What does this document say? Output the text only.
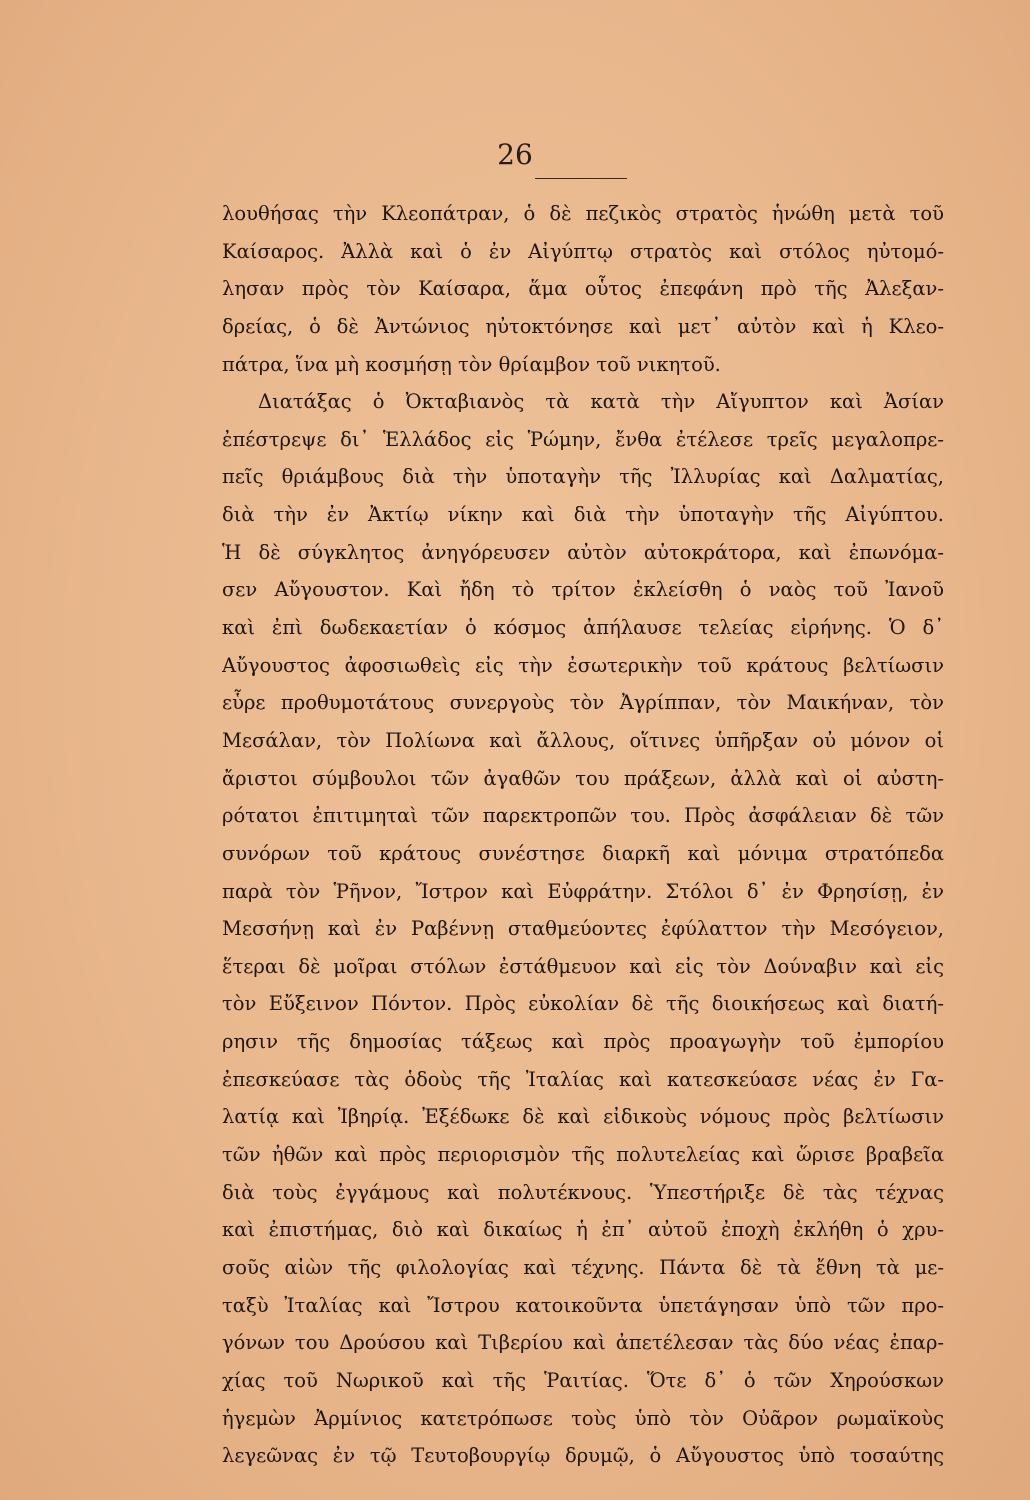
26
λουθήσας τὴν Κλεοπάτραν, ὁ δὲ πεζικὸς στρατὸς ἡνώθη μετὰ τοῦ
Καίσαρος. Ἀλλὰ καὶ ὁ ἐν Αἰγύπτῳ στρατὸς καὶ στόλος ηὐτομό-
λησαν πρὸς τὸν Καίσαρα, ἅμα οὗτος ἐπεφάνη πρὸ τῆς Ἀλεξαν-
δρείας, ὁ δὲ Ἀντώνιος ηὐτοκτόνησε καὶ μετ᾽ αὐτὸν καὶ ἡ Κλεο-
πάτρα, ἵνα μὴ κοσμήσῃ τὸν θρίαμβον τοῦ νικητοῦ.
Διατάξας ὁ Ὀκταβιανὸς τὰ κατὰ τὴν Αἴγυπτον καὶ Ἀσίαν
ἐπέστρεψε δι᾽ Ἑλλάδος εἰς Ῥώμην, ἔνθα ἐτέλεσε τρεῖς μεγαλοπρε-
πεῖς θριάμβους διὰ τὴν ὑποταγὴν τῆς Ἰλλυρίας καὶ Δαλματίας,
διὰ τὴν ἐν Ἀκτίῳ νίκην καὶ διὰ τὴν ὑποταγὴν τῆς Αἰγύπτου.
Ἡ δὲ σύγκλητος ἀνηγόρευσεν αὐτὸν αὐτοκράτορα, καὶ ἐπωνόμα-
σεν Αὔγουστον. Καὶ ἤδη τὸ τρίτον ἐκλείσθη ὁ ναὸς τοῦ Ἰανοῦ
καὶ ἐπὶ δωδεκαετίαν ὁ κόσμος ἀπήλαυσε τελείας εἰρήνης. Ὁ δ᾽
Αὔγουστος ἀφοσιωθεὶς εἰς τὴν ἐσωτερικὴν τοῦ κράτους βελτίωσιν
εὗρε προθυμοτάτους συνεργοὺς τὸν Ἀγρίππαν, τὸν Μαικήναν, τὸν
Μεσάλαν, τὸν Πολίωνα καὶ ἄλλους, οἵτινες ὑπῆρξαν οὐ μόνον οἱ
ἄριστοι σύμβουλοι τῶν ἀγαθῶν του πράξεων, ἀλλὰ καὶ οἱ αὐστη-
ρότατοι ἐπιτιμηταὶ τῶν παρεκτροπῶν του. Πρὸς ἀσφάλειαν δὲ τῶν
συνόρων τοῦ κράτους συνέστησε διαρκῆ καὶ μόνιμα στρατόπεδα
παρὰ τὸν Ῥῆνον, Ἴστρον καὶ Εὐφράτην. Στόλοι δ᾽ ἐν Φρησίσῃ, ἐν
Μεσσήνῃ καὶ ἐν Ραβέννῃ σταθμεύοντες ἐφύλαττον τὴν Μεσόγειον,
ἕτεραι δὲ μοῖραι στόλων ἐστάθμευον καὶ εἰς τὸν Δούναβιν καὶ εἰς
τὸν Εὔξεινον Πόντον. Πρὸς εὐκολίαν δὲ τῆς διοικήσεως καὶ διατή-
ρησιν τῆς δημοσίας τάξεως καὶ πρὸς προαγωγὴν τοῦ ἐμπορίου
ἐπεσκεύασε τὰς ὁδοὺς τῆς Ἰταλίας καὶ κατεσκεύασε νέας ἐν Γα-
λατίᾳ καὶ Ἰβηρίᾳ. Ἐξέδωκε δὲ καὶ εἰδικοὺς νόμους πρὸς βελτίωσιν
τῶν ἠθῶν καὶ πρὸς περιορισμὸν τῆς πολυτελείας καὶ ὥρισε βραβεῖα
διὰ τοὺς ἐγγάμους καὶ πολυτέκνους. Ὑπεστήριξε δὲ τὰς τέχνας
καὶ ἐπιστήμας, διὸ καὶ δικαίως ἡ ἐπ᾽ αὐτοῦ ἐποχὴ ἐκλήθη ὁ χρυ-
σοῦς αἰὼν τῆς φιλολογίας καὶ τέχνης. Πάντα δὲ τὰ ἔθνη τὰ με-
ταξὺ Ἰταλίας καὶ Ἴστρου κατοικοῦντα ὑπετάγησαν ὑπὸ τῶν προ-
γόνων του Δρούσου καὶ Τιβερίου καὶ ἀπετέλεσαν τὰς δύο νέας ἐπαρ-
χίας τοῦ Νωρικοῦ καὶ τῆς Ῥαιτίας. Ὅτε δ᾽ ὁ τῶν Χηρούσκων
ἡγεμὼν Ἀρμίνιος κατετρόπωσε τοὺς ὑπὸ τὸν Οὐᾶρον ρωμαϊκοὺς
λεγεῶνας ἐν τῷ Τευτοβουργίῳ δρυμῷ, ὁ Αὔγουστος ὑπὸ τοσαύτης
